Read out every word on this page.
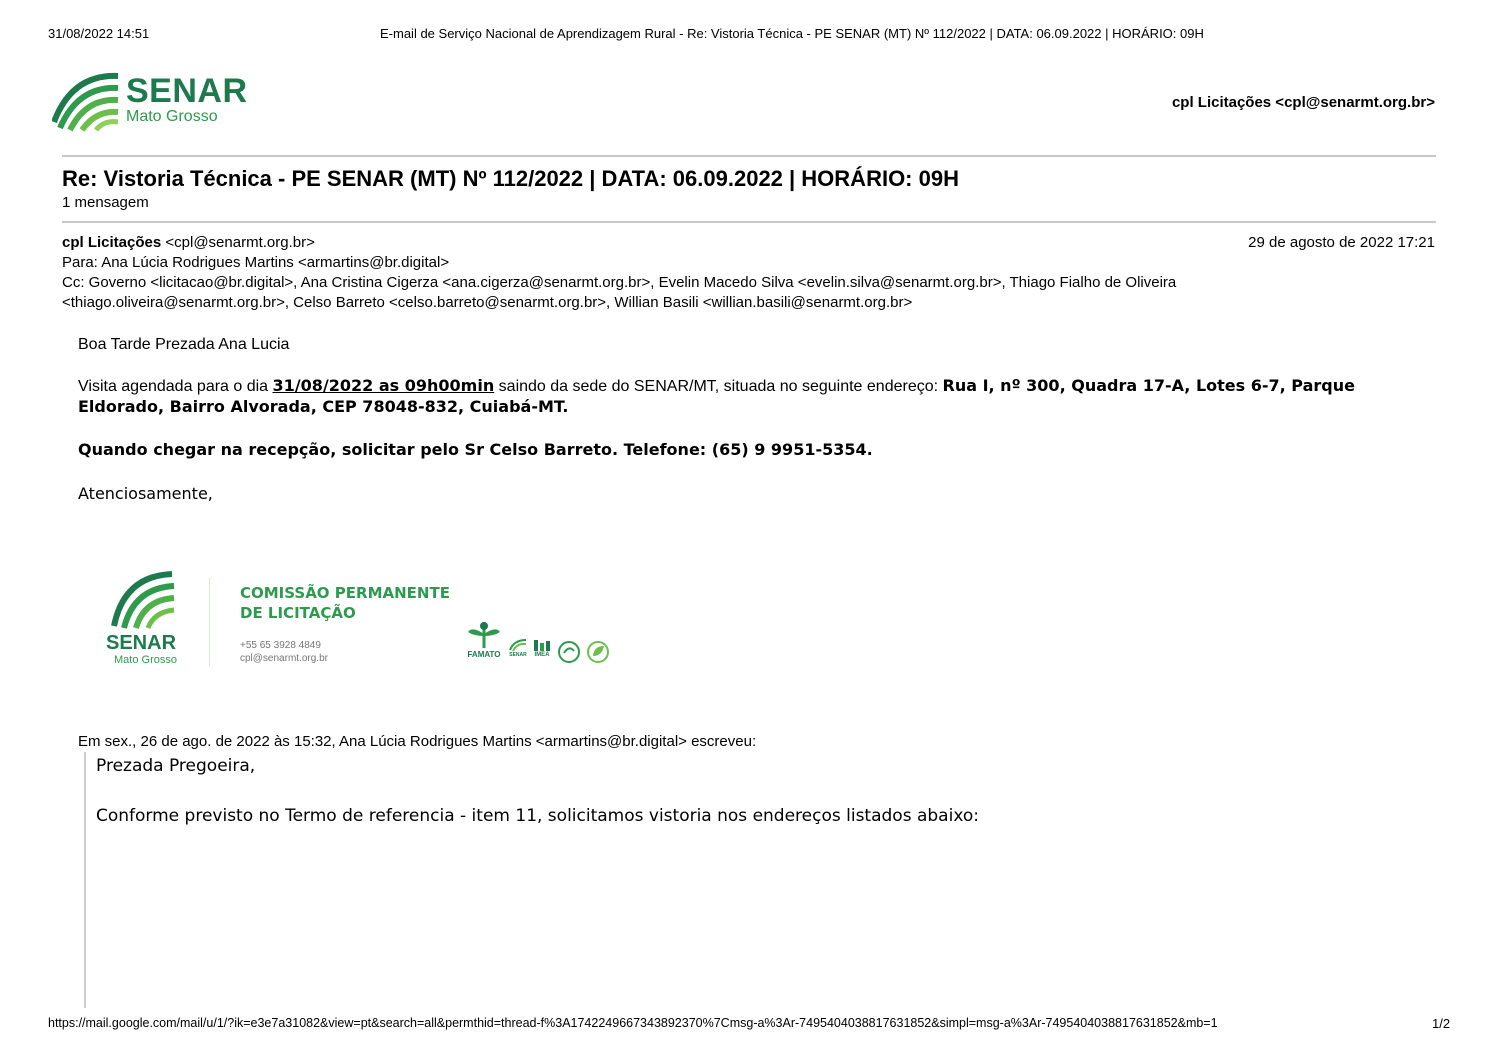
31/08/2022 14:51	E-mail de Serviço Nacional de Aprendizagem Rural - Re: Vistoria Técnica - PE SENAR (MT) Nº 112/2022 | DATA: 06.09.2022 | HORÁRIO: 09H
SENAR
Mato Grosso
cpl Licitações <cpl@senarmt.org.br>
Re: Vistoria Técnica - PE SENAR (MT) Nº 112/2022 | DATA: 06.09.2022 | HORÁRIO: 09H
1 mensagem
cpl Licitações <cpl@senarmt.org.br>	29 de agosto de 2022 17:21
Para: Ana Lúcia Rodrigues Martins <armartins@br.digital>
Cc: Governo <licitacao@br.digital>, Ana Cristina Cigerza <ana.cigerza@senarmt.org.br>, Evelin Macedo Silva <evelin.silva@senarmt.org.br>, Thiago Fialho de Oliveira
<thiago.oliveira@senarmt.org.br>, Celso Barreto <celso.barreto@senarmt.org.br>, Willian Basili <willian.basili@senarmt.org.br>
Boa Tarde Prezada Ana Lucia
Visita agendada para o dia 31/08/2022 as 09h00min saindo da sede do SENAR/MT, situada no seguinte endereço: Rua I, nº 300, Quadra 17-A, Lotes 6-7, Parque
Eldorado, Bairro Alvorada, CEP 78048-832, Cuiabá-MT.
Quando chegar na recepção, solicitar pelo Sr Celso Barreto. Telefone: (65) 9 9951-5354.
Atenciosamente,
SENAR
Mato Grosso
COMISSÃO PERMANENTE
DE LICITAÇÃO
+55 65 3928 4849
cpl@senarmt.org.br	FAMATO SENAR	IMEA
Em sex., 26 de ago. de 2022 às 15:32, Ana Lúcia Rodrigues Martins <armartins@br.digital> escreveu:
Prezada Pregoeira,
Conforme previsto no Termo de referencia - item 11, solicitamos vistoria nos endereços listados abaixo:
https://mail.google.com/mail/u/1/?ik=e3e7a31082&view=pt&search=all&permthid=thread-f%3A1742249667343892370%7Cmsg-a%3Ar-7495404038817631852&simpl=msg-a%3Ar-7495404038817631852&mb=1	1/2
